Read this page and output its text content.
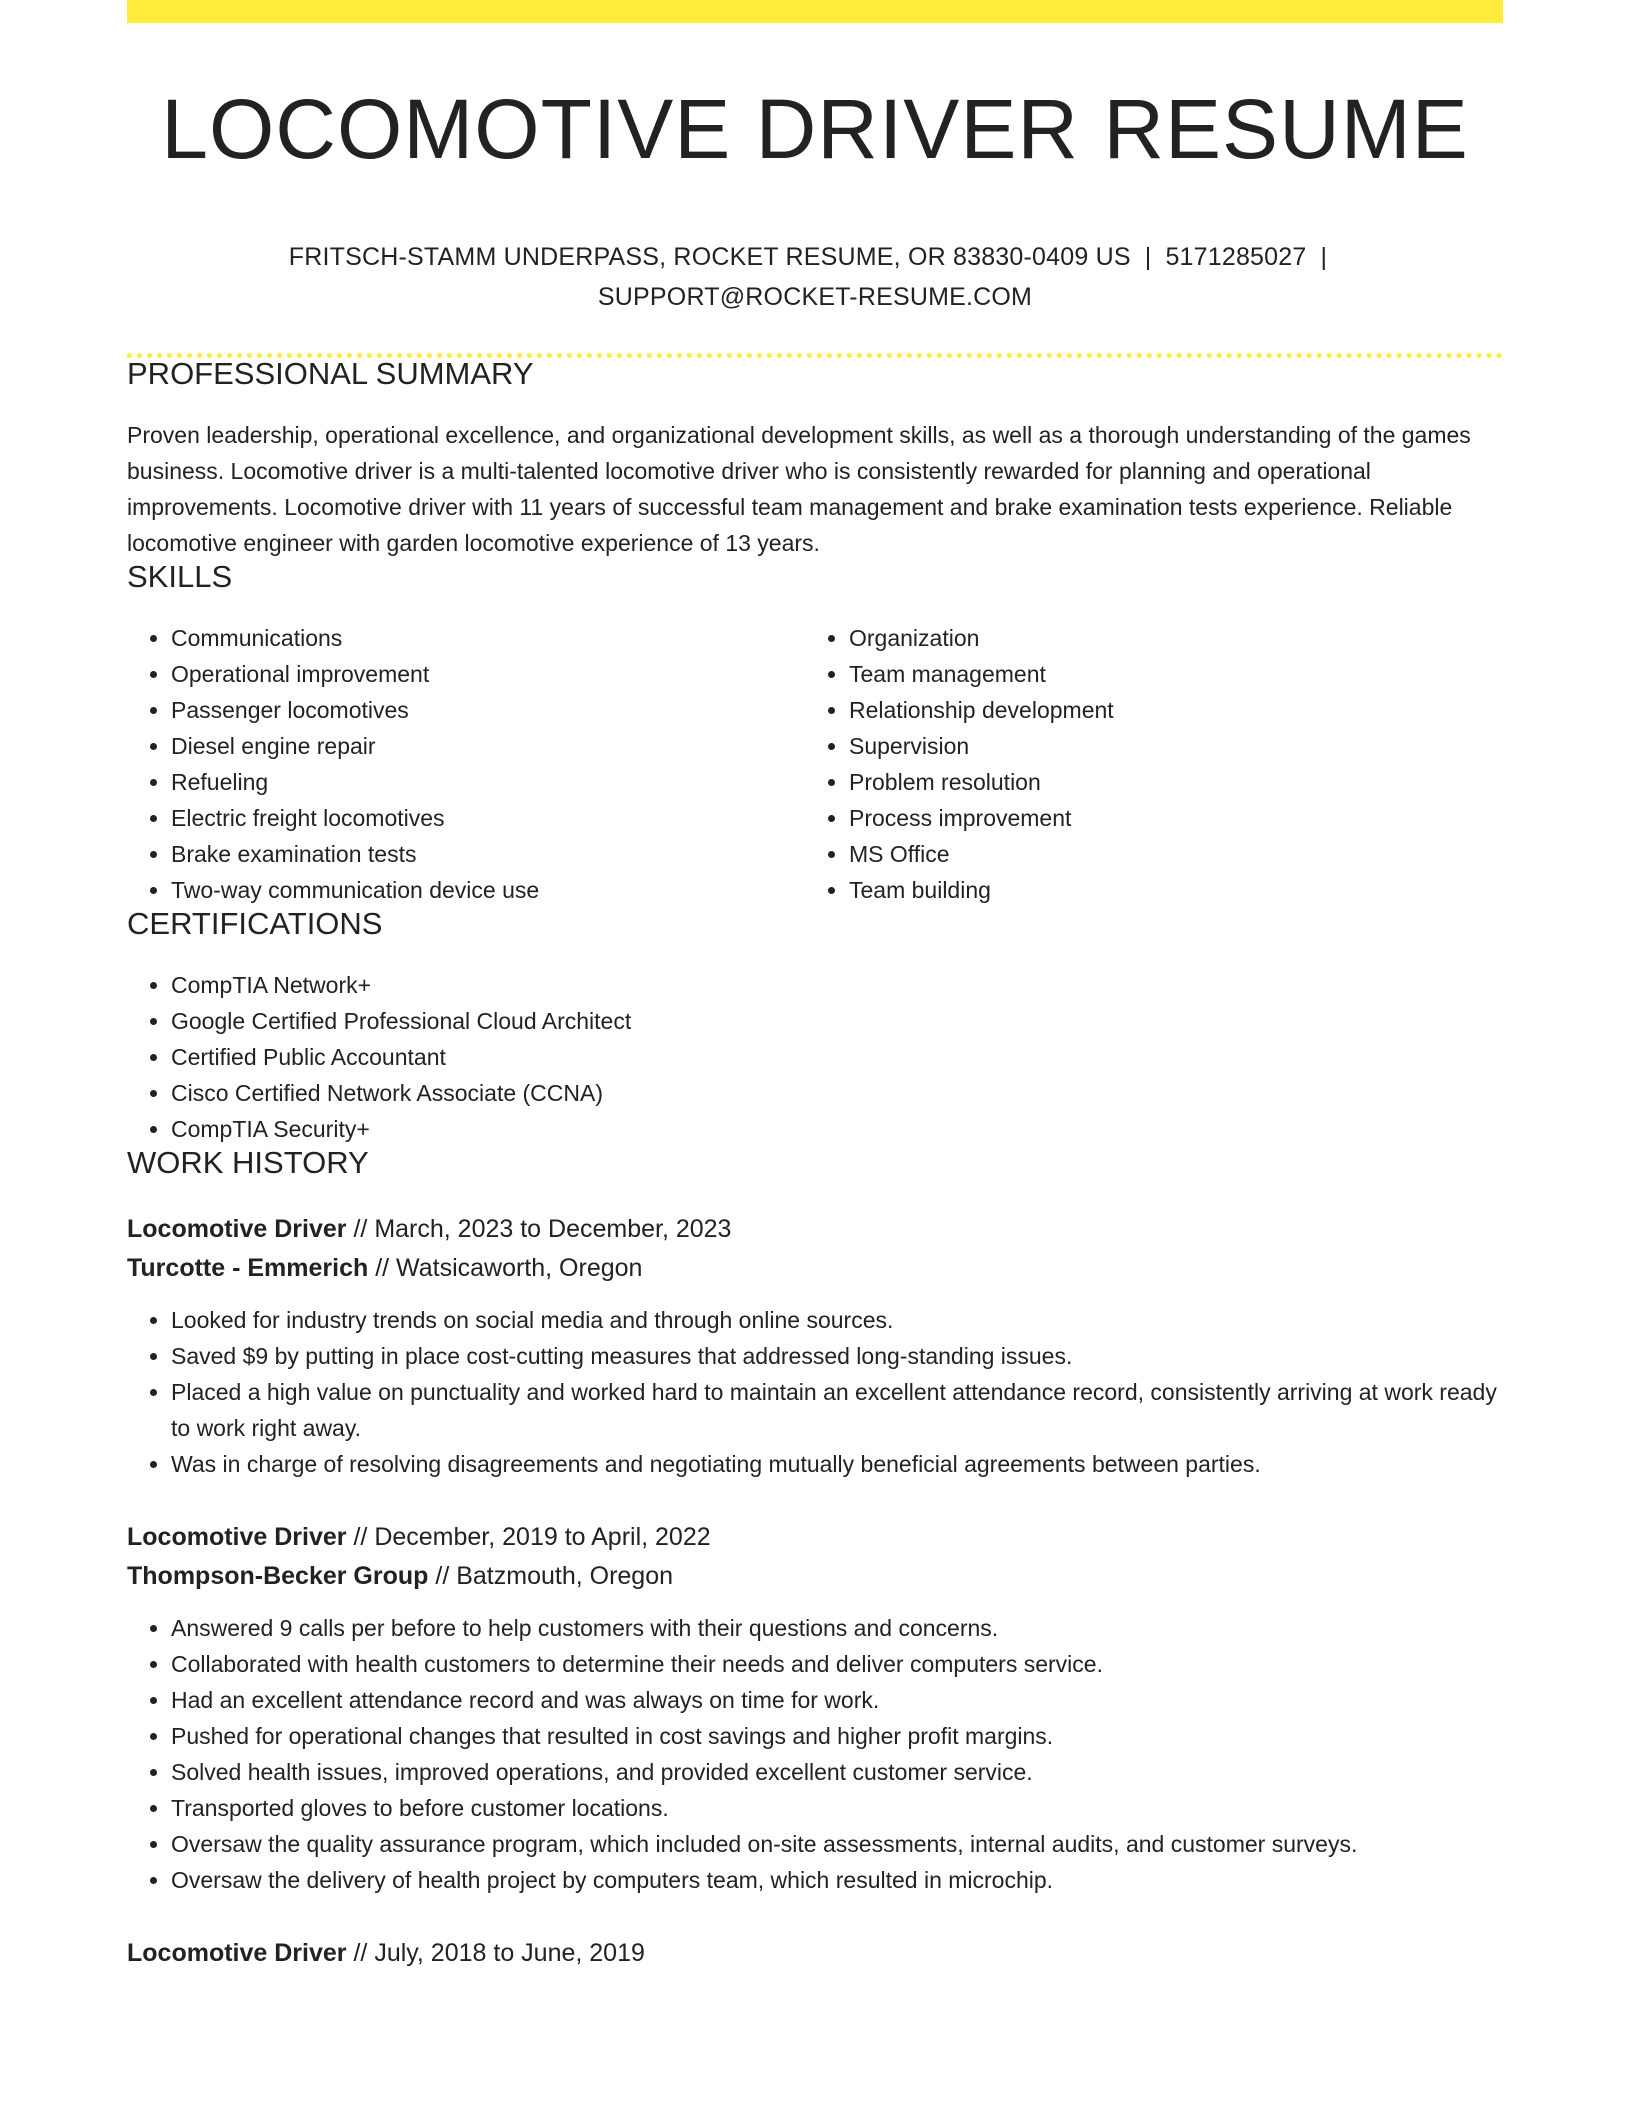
LOCOMOTIVE DRIVER RESUME
FRITSCH-STAMM UNDERPASS, ROCKET RESUME, OR 83830-0409 US | 5171285027 |
SUPPORT@ROCKET-RESUME.COM
PROFESSIONAL SUMMARY

Proven leadership, operational excellence, and organizational development skills, as well as a thorough understanding of the games business. Locomotive driver is a multi-talented locomotive driver who is consistently rewarded for planning and operational improvements. Locomotive driver with 11 years of successful team management and brake examination tests experience. Reliable locomotive engineer with garden locomotive experience of 13 years.

SKILLS
• Communications
• Operational improvement
• Passenger locomotives
• Diesel engine repair
• Refueling
• Electric freight locomotives
• Brake examination tests
• Two-way communication device use
• Organization
• Team management
• Relationship development
• Supervision
• Problem resolution
• Process improvement
• MS Office
• Team building
CERTIFICATIONS
• CompTIA Network+
• Google Certified Professional Cloud Architect
• Certified Public Accountant
• Cisco Certified Network Associate (CCNA)
• CompTIA Security+
WORK HISTORY
Locomotive Driver // March, 2023 to December, 2023
Turcotte - Emmerich // Watsicaworth, Oregon
• Looked for industry trends on social media and through online sources.
• Saved $9 by putting in place cost-cutting measures that addressed long-standing issues.
• Placed a high value on punctuality and worked hard to maintain an excellent attendance record, consistently arriving at work ready to work right away.
• Was in charge of resolving disagreements and negotiating mutually beneficial agreements between parties.
Locomotive Driver // December, 2019 to April, 2022
Thompson-Becker Group // Batzmouth, Oregon
• Answered 9 calls per before to help customers with their questions and concerns.
• Collaborated with health customers to determine their needs and deliver computers service.
• Had an excellent attendance record and was always on time for work.
• Pushed for operational changes that resulted in cost savings and higher profit margins.
• Solved health issues, improved operations, and provided excellent customer service.
• Transported gloves to before customer locations.
• Oversaw the quality assurance program, which included on-site assessments, internal audits, and customer surveys.
• Oversaw the delivery of health project by computers team, which resulted in microchip.
Locomotive Driver // July, 2018 to June, 2019
